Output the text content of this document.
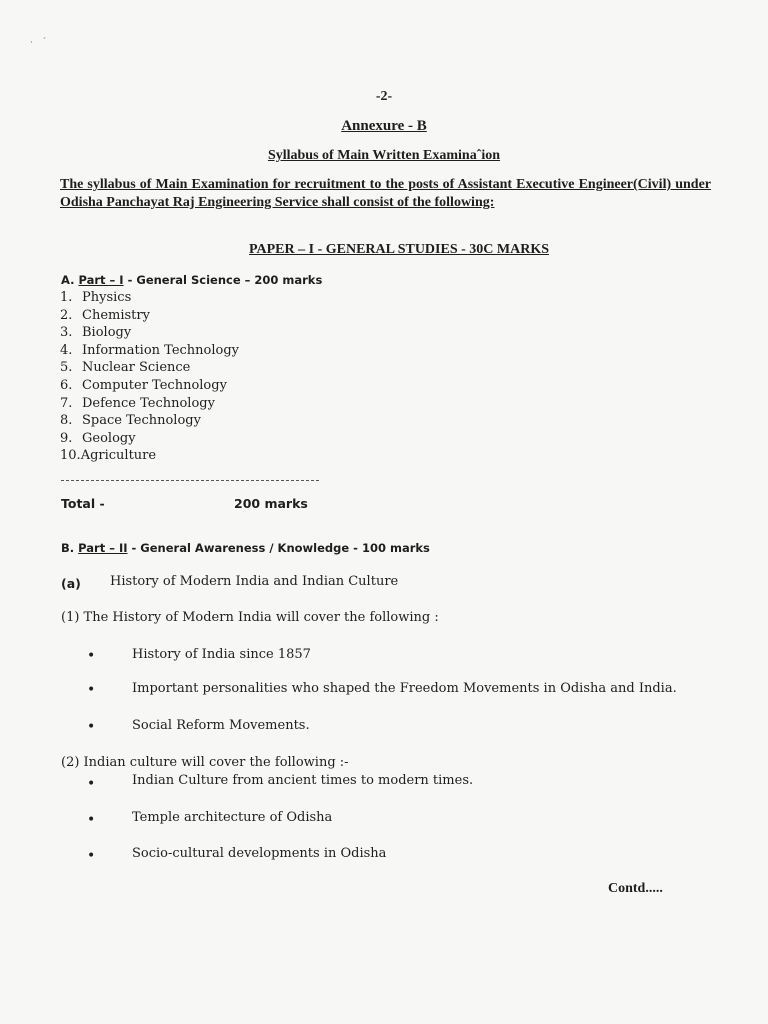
· ´
-2-
Annexure - B
Syllabus of Main Written Examinaˆion
The syllabus of Main Examination for recruitment to the posts of Assistant Executive Engineer(Civil) under Odisha Panchayat Raj Engineering Service shall consist of the following:
PAPER – I - GENERAL STUDIES - 30C MARKS
A. Part – I - General Science – 200 marks
1. Physics
2. Chemistry
3. Biology
4. Information Technology
5. Nuclear Science
6. Computer Technology
7. Defence Technology
8. Space Technology
9. Geology
10.Agriculture
Total -	200 marks
B. Part – II - General Awareness / Knowledge - 100 marks
(a) History of Modern India and Indian Culture
(1) The History of Modern India will cover the following :
•	History of India since 1857
•	Important personalities who shaped the Freedom Movements in Odisha and India.
•	Social Reform Movements.
(2) Indian culture will cover the following :-
•	Indian Culture from ancient times to modern times.
•	Temple architecture of Odisha
•	Socio-cultural developments in Odisha
Contd.....
